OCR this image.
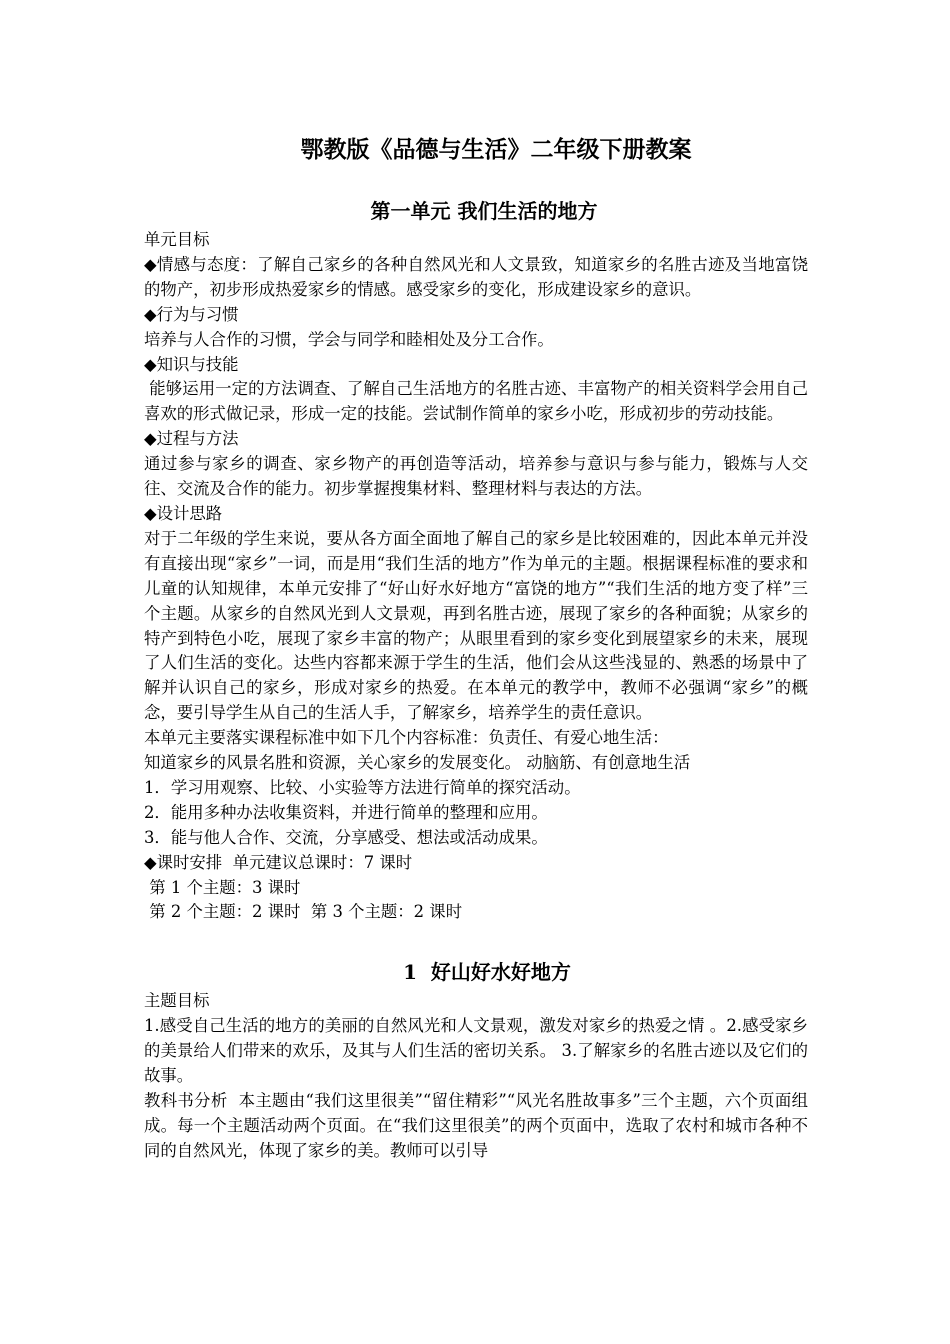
鄂教版《品德与生活》二年级下册教案
第一单元 我们生活的地方

单元目标

◆情感与态度：了解自己家乡的各种自然风光和人文景致，知道家乡的名胜古迹及当地富饶的物产，初步形成热爱家乡的情感。感受家乡的变化，形成建设家乡的意识。

◆行为与习惯

培养与人合作的习惯，学会与同学和睦相处及分工合作。

◆知识与技能

能够运用一定的方法调查、了解自己生活地方的名胜古迹、丰富物产的相关资料学会用自己喜欢的形式做记录，形成一定的技能。尝试制作简单的家乡小吃，形成初步的劳动技能。

◆过程与方法

通过参与家乡的调查、家乡物产的再创造等活动，培养参与意识与参与能力，锻炼与人交往、交流及合作的能力。初步掌握搜集材料、整理材料与表达的方法。

◆设计思路

对于二年级的学生来说，要从各方面全面地了解自己的家乡是比较困难的，因此本单元并没有直接出现“家乡”一词，而是用“我们生活的地方”作为单元的主题。根据课程标准的要求和儿童的认知规律，本单元安排了“好山好水好地方“富饶的地方”“我们生活的地方变了样”三个主题。从家乡的自然风光到人文景观，再到名胜古迹，展现了家乡的各种面貌；从家乡的特产到特色小吃，展现了家乡丰富的物产；从眼里看到的家乡变化到展望家乡的未来，展现了人们生活的变化。达些内容都来源于学生的生活，他们会从这些浅显的、熟悉的场景中了解并认识自己的家乡，形成对家乡的热爱。在本单元的教学中，教师不必强调“家乡”的概念，要引导学生从自己的生活人手，了解家乡，培养学生的责任意识。

本单元主要落实课程标准中如下几个内容标准：负责任、有爱心地生活：

知道家乡的风景名胜和资源，关心家乡的发展变化。 动脑筋、有创意地生活

1．学习用观察、比较、小实验等方法进行简单的探究活动。

2．能用多种办法收集资料，并进行简单的整理和应用。

3．能与他人合作、交流，分享感受、想法或活动成果。

◆课时安排  单元建议总课时：7 课时

第 1 个主题：3 课时

第 2 个主题：2 课时  第 3 个主题：2 课时

1  好山好水好地方

主题目标

1.感受自己生活的地方的美丽的自然风光和人文景观，激发对家乡的热爱之情 。2.感受家乡的美景给人们带来的欢乐，及其与人们生活的密切关系。 3.了解家乡的名胜古迹以及它们的故事。

教科书分析  本主题由“我们这里很美”“留住精彩”“风光名胜故事多”三个主题，六个页面组成。每一个主题活动两个页面。在“我们这里很美”的两个页面中，选取了农村和城市各种不同的自然风光，体现了家乡的美。教师可以引导
